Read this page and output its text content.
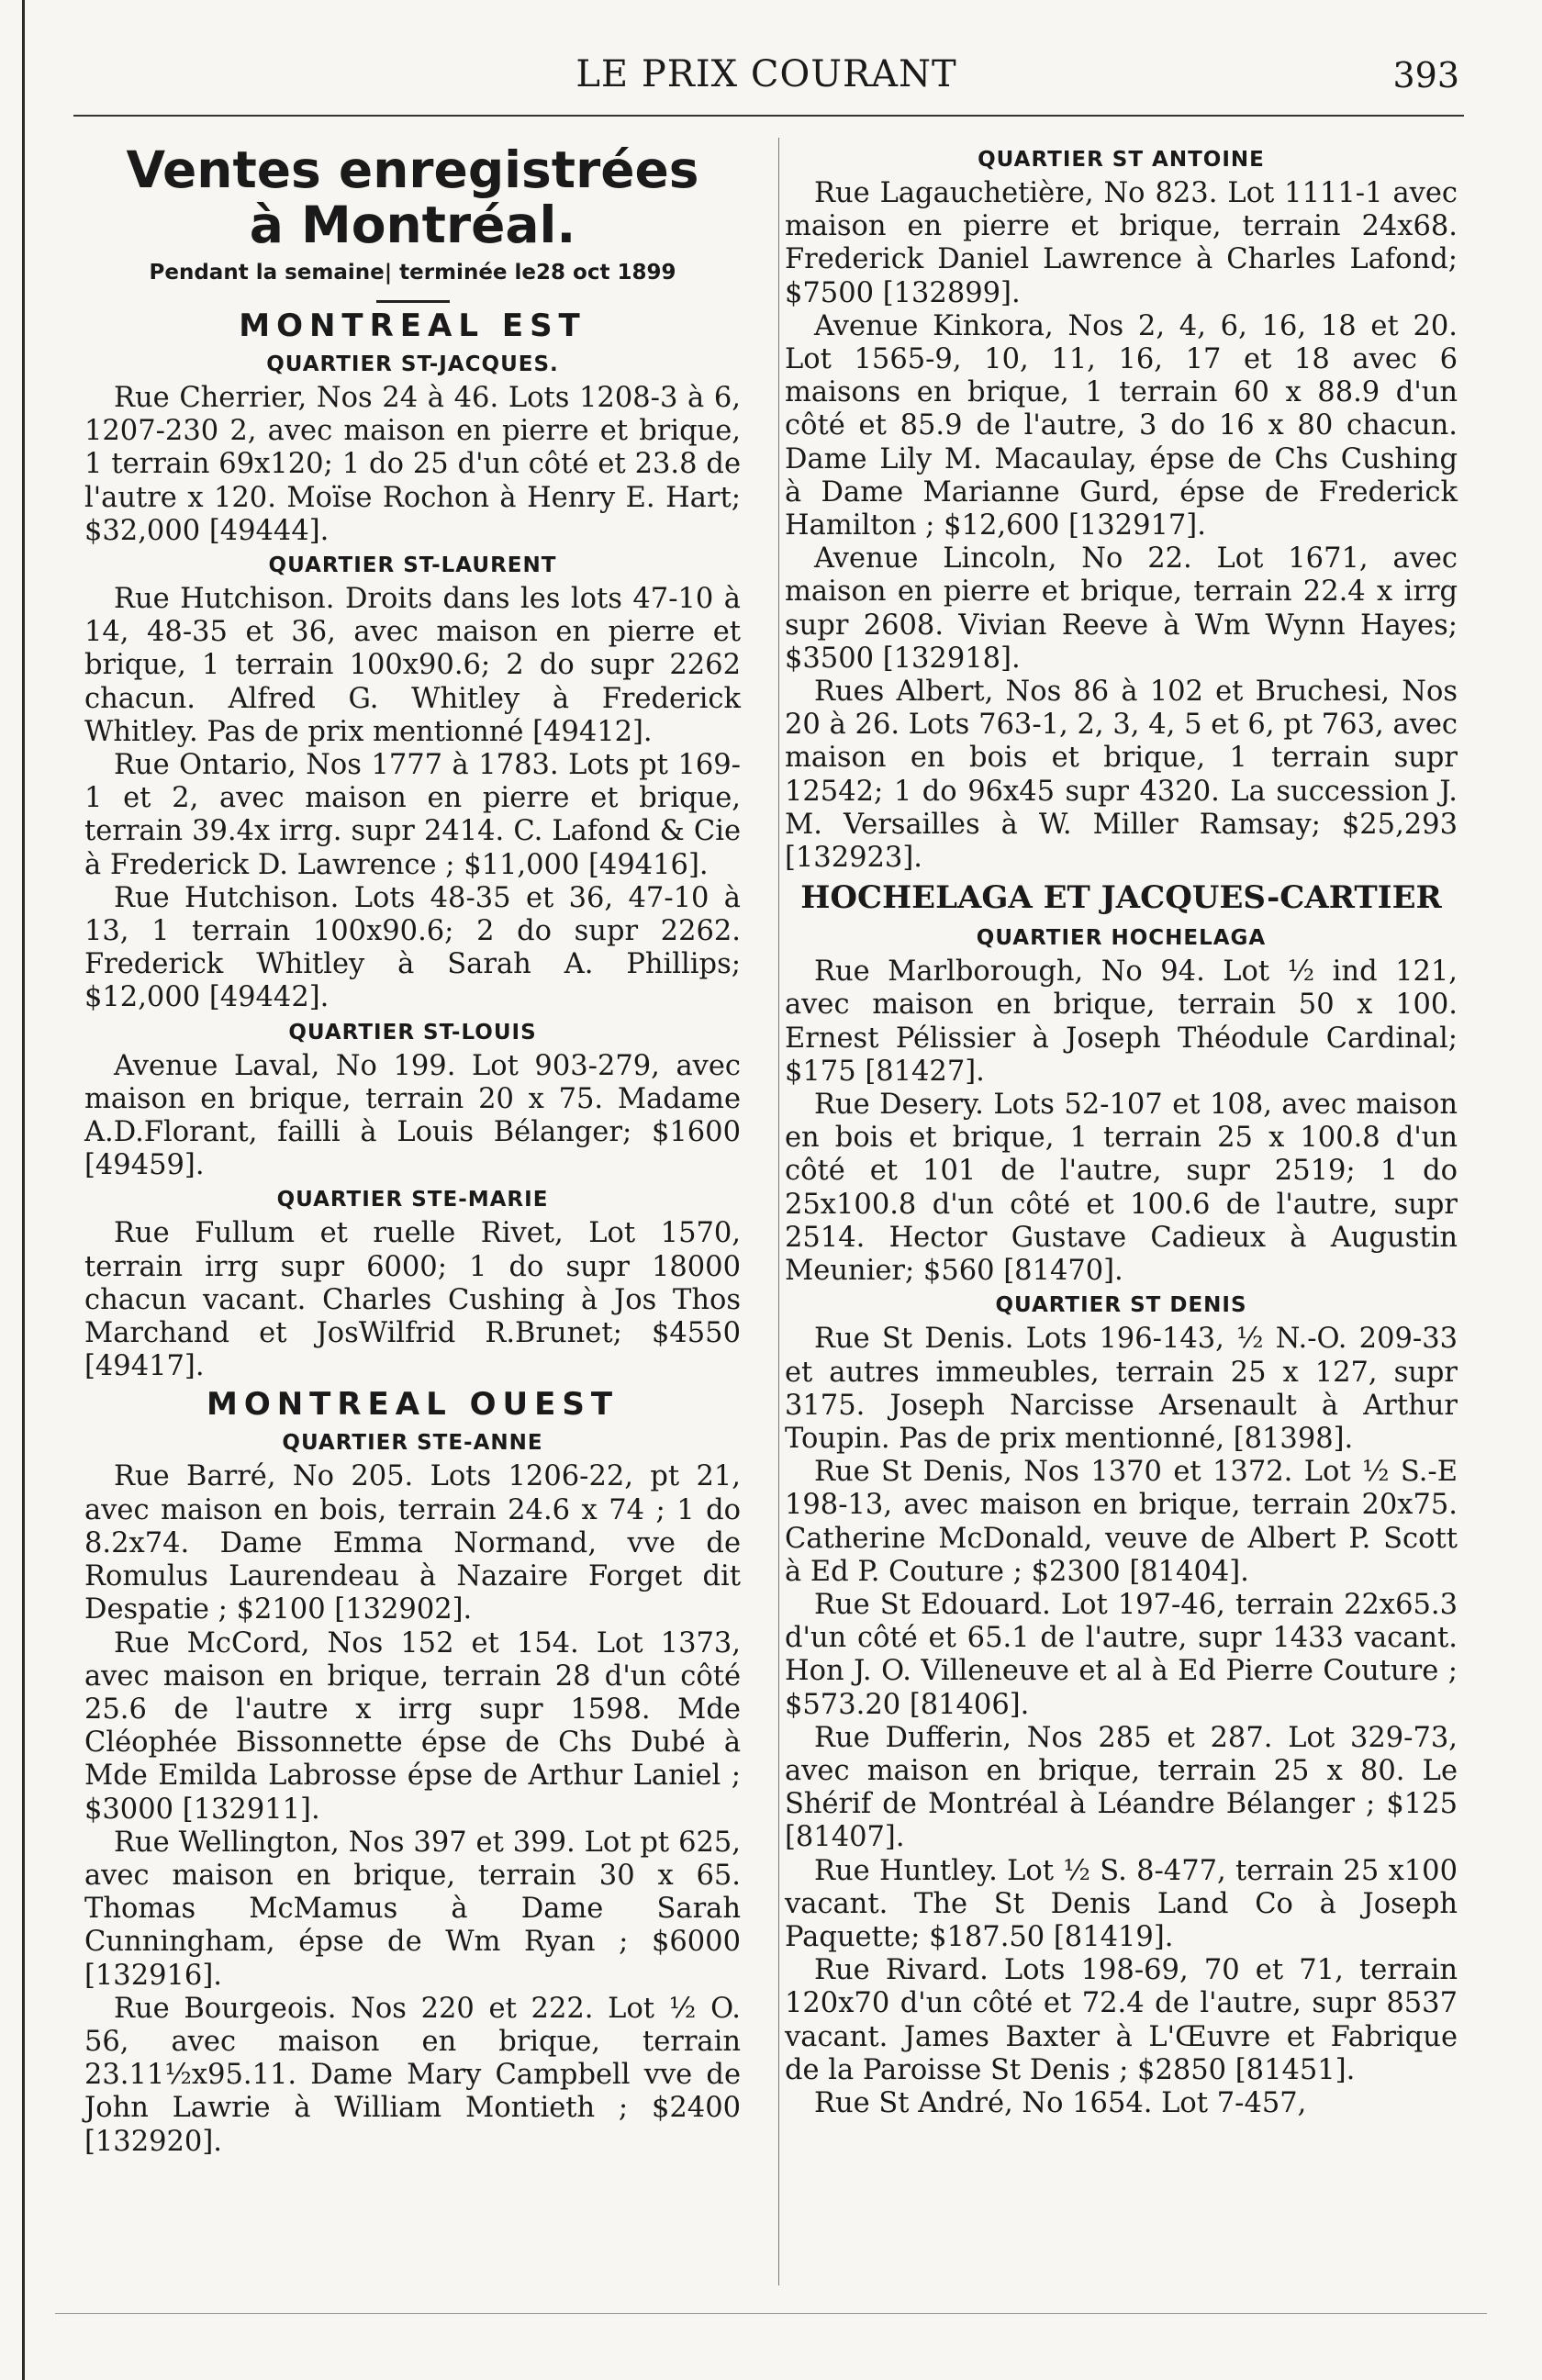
LE PRIX COURANT	393
Ventes enregistrées
à Montréal.
Pendant la semaine| terminée le28 oct 1899
MONTREAL EST
QUARTIER ST-JACQUES.

Rue Cherrier, Nos 24 à 46. Lots 1208-3 à 6, 1207-230 2, avec maison en pierre et brique, 1 terrain 69x120; 1 do 25 d'un côté et 23.8 de l'autre x 120. Moïse Rochon à Henry E. Hart; $32,000 [49444].

QUARTIER ST-LAURENT

Rue Hutchison. Droits dans les lots 47-10 à 14, 48-35 et 36, avec maison en pierre et brique, 1 terrain 100x90.6; 2 do supr 2262 chacun. Alfred G. Whitley à Frederick Whitley. Pas de prix mentionné [49412].

Rue Ontario, Nos 1777 à 1783. Lots pt 169-1 et 2, avec maison en pierre et brique, terrain 39.4x irrg. supr 2414. C. Lafond & Cie à Frederick D. Lawrence ; $11,000 [49416].

Rue Hutchison. Lots 48-35 et 36, 47-10 à 13, 1 terrain 100x90.6; 2 do supr 2262. Frederick Whitley à Sarah A. Phillips; $12,000 [49442].

QUARTIER ST-LOUIS

Avenue Laval, No 199. Lot 903-279, avec maison en brique, terrain 20 x 75. Madame A.D.Florant, failli à Louis Bélanger; $1600 [49459].

QUARTIER STE-MARIE

Rue Fullum et ruelle Rivet, Lot 1570, terrain irrg supr 6000; 1 do supr 18000 chacun vacant. Charles Cushing à Jos Thos Marchand et JosWilfrid R.Brunet; $4550 [49417].

MONTREAL OUEST
QUARTIER STE-ANNE

Rue Barré, No 205. Lots 1206-22, pt 21, avec maison en bois, terrain 24.6 x 74 ; 1 do 8.2x74. Dame Emma Normand, vve de Romulus Laurendeau à Nazaire Forget dit Despatie ; $2100 [132902].

Rue McCord, Nos 152 et 154. Lot 1373, avec maison en brique, terrain 28 d'un côté 25.6 de l'autre x irrg supr 1598. Mde Cléophée Bissonnette épse de Chs Dubé à Mde Emilda Labrosse épse de Arthur Laniel ; $3000 [132911].

Rue Wellington, Nos 397 et 399. Lot pt 625, avec maison en brique, terrain 30 x 65. Thomas McMamus à Dame Sarah Cunningham, épse de Wm Ryan ; $6000 [132916].

Rue Bourgeois. Nos 220 et 222. Lot ½ O. 56, avec maison en brique, terrain 23.11½x95.11. Dame Mary Campbell vve de John Lawrie à William Montieth ; $2400 [132920].

QUARTIER ST ANTOINE

Rue Lagauchetière, No 823. Lot 1111-1 avec maison en pierre et brique, terrain 24x68. Frederick Daniel Lawrence à Charles Lafond; $7500 [132899].

Avenue Kinkora, Nos 2, 4, 6, 16, 18 et 20. Lot 1565-9, 10, 11, 16, 17 et 18 avec 6 maisons en brique, 1 terrain 60 x 88.9 d'un côté et 85.9 de l'autre, 3 do 16 x 80 chacun. Dame Lily M. Macaulay, épse de Chs Cushing à Dame Marianne Gurd, épse de Frederick Hamilton ; $12,600 [132917].

Avenue Lincoln, No 22. Lot 1671, avec maison en pierre et brique, terrain 22.4 x irrg supr 2608. Vivian Reeve à Wm Wynn Hayes; $3500 [132918].

Rues Albert, Nos 86 à 102 et Bruchesi, Nos 20 à 26. Lots 763-1, 2, 3, 4, 5 et 6, pt 763, avec maison en bois et brique, 1 terrain supr 12542; 1 do 96x45 supr 4320. La succession J. M. Versailles à W. Miller Ramsay; $25,293 [132923].

HOCHELAGA ET JACQUES-CARTIER
QUARTIER HOCHELAGA

Rue Marlborough, No 94. Lot ½ ind 121, avec maison en brique, terrain 50 x 100. Ernest Pélissier à Joseph Théodule Cardinal; $175 [81427].

Rue Desery. Lots 52-107 et 108, avec maison en bois et brique, 1 terrain 25 x 100.8 d'un côté et 101 de l'autre, supr 2519; 1 do 25x100.8 d'un côté et 100.6 de l'autre, supr 2514. Hector Gustave Cadieux à Augustin Meunier; $560 [81470].

QUARTIER ST DENIS

Rue St Denis. Lots 196-143, ½ N.-O. 209-33 et autres immeubles, terrain 25 x 127, supr 3175. Joseph Narcisse Arsenault à Arthur Toupin. Pas de prix mentionné, [81398].

Rue St Denis, Nos 1370 et 1372. Lot ½ S.-E 198-13, avec maison en brique, terrain 20x75. Catherine McDonald, veuve de Albert P. Scott à Ed P. Couture ; $2300 [81404].

Rue St Edouard. Lot 197-46, terrain 22x65.3 d'un côté et 65.1 de l'autre, supr 1433 vacant. Hon J. O. Villeneuve et al à Ed Pierre Couture ; $573.20 [81406].

Rue Dufferin, Nos 285 et 287. Lot 329-73, avec maison en brique, terrain 25 x 80. Le Shérif de Montréal à Léandre Bélanger ; $125 [81407].

Rue Huntley. Lot ½ S. 8-477, terrain 25 x100 vacant. The St Denis Land Co à Joseph Paquette; $187.50 [81419].

Rue Rivard. Lots 198-69, 70 et 71, terrain 120x70 d'un côté et 72.4 de l'autre, supr 8537 vacant. James Baxter à L'Œuvre et Fabrique de la Paroisse St Denis ; $2850 [81451].

Rue St André, No 1654. Lot 7-457,
